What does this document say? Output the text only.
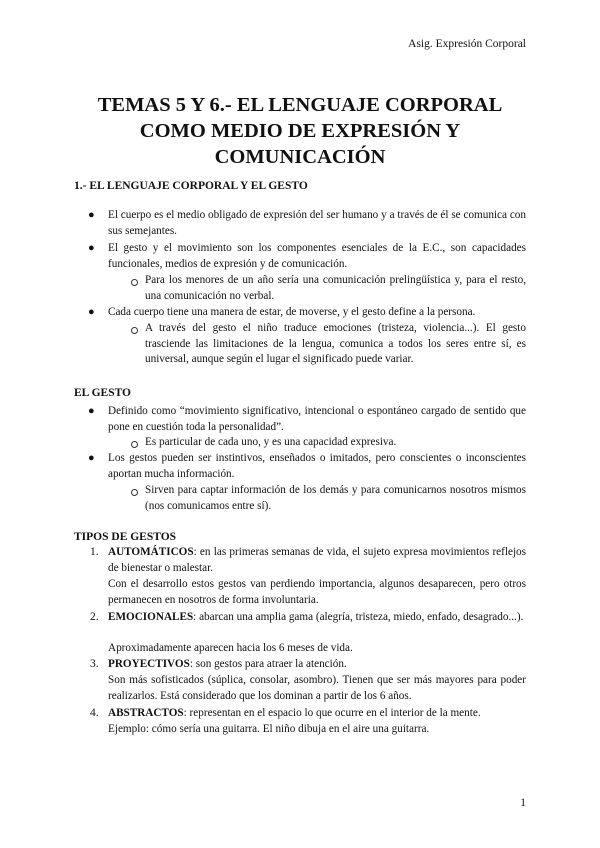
Asig. Expresión Corporal
TEMAS 5 Y 6.- EL LENGUAJE CORPORAL
COMO MEDIO DE EXPRESIÓN Y
COMUNICACIÓN
1.- EL LENGUAJE CORPORAL Y EL GESTO
● El cuerpo es el medio obligado de expresión del ser humano y a través de él se comunica con sus semejantes.
● El gesto y el movimiento son los componentes esenciales de la E.C., son capacidades funcionales, medios de expresión y de comunicación.
Para los menores de un año sería una comunicación prelingüística y, para el resto, una comunicación no verbal.
● Cada cuerpo tiene una manera de estar, de moverse, y el gesto define a la persona.
A través del gesto el niño traduce emociones (tristeza, violencia...). El gesto trasciende las limitaciones de la lengua, comunica a todos los seres entre sí, es universal, aunque según el lugar el significado puede variar.
EL GESTO
● Definido como “movimiento significativo, intencional o espontáneo cargado de sentido que pone en cuestión toda la personalidad”.
Es particular de cada uno, y es una capacidad expresiva.
● Los gestos pueden ser instintivos, enseñados o imitados, pero conscientes o inconscientes aportan mucha información.
Sirven para captar información de los demás y para comunicarnos nosotros mismos (nos comunicamos entre sí).
TIPOS DE GESTOS
1. AUTOMÁTICOS: en las primeras semanas de vida, el sujeto expresa movimientos reflejos de bienestar o malestar.
Con el desarrollo estos gestos van perdiendo importancia, algunos desaparecen, pero otros permanecen en nosotros de forma involuntaria.
2. EMOCIONALES: abarcan una amplia gama (alegría, tristeza, miedo, enfado, desagrado...).
Aproximadamente aparecen hacia los 6 meses de vida.
3. PROYECTIVOS: son gestos para atraer la atención.
Son más sofisticados (súplica, consolar, asombro). Tienen que ser más mayores para poder realizarlos. Está considerado que los dominan a partir de los 6 años.
4. ABSTRACTOS: representan en el espacio lo que ocurre en el interior de la mente.
Ejemplo: cómo sería una guitarra. El niño dibuja en el aire una guitarra.
1
